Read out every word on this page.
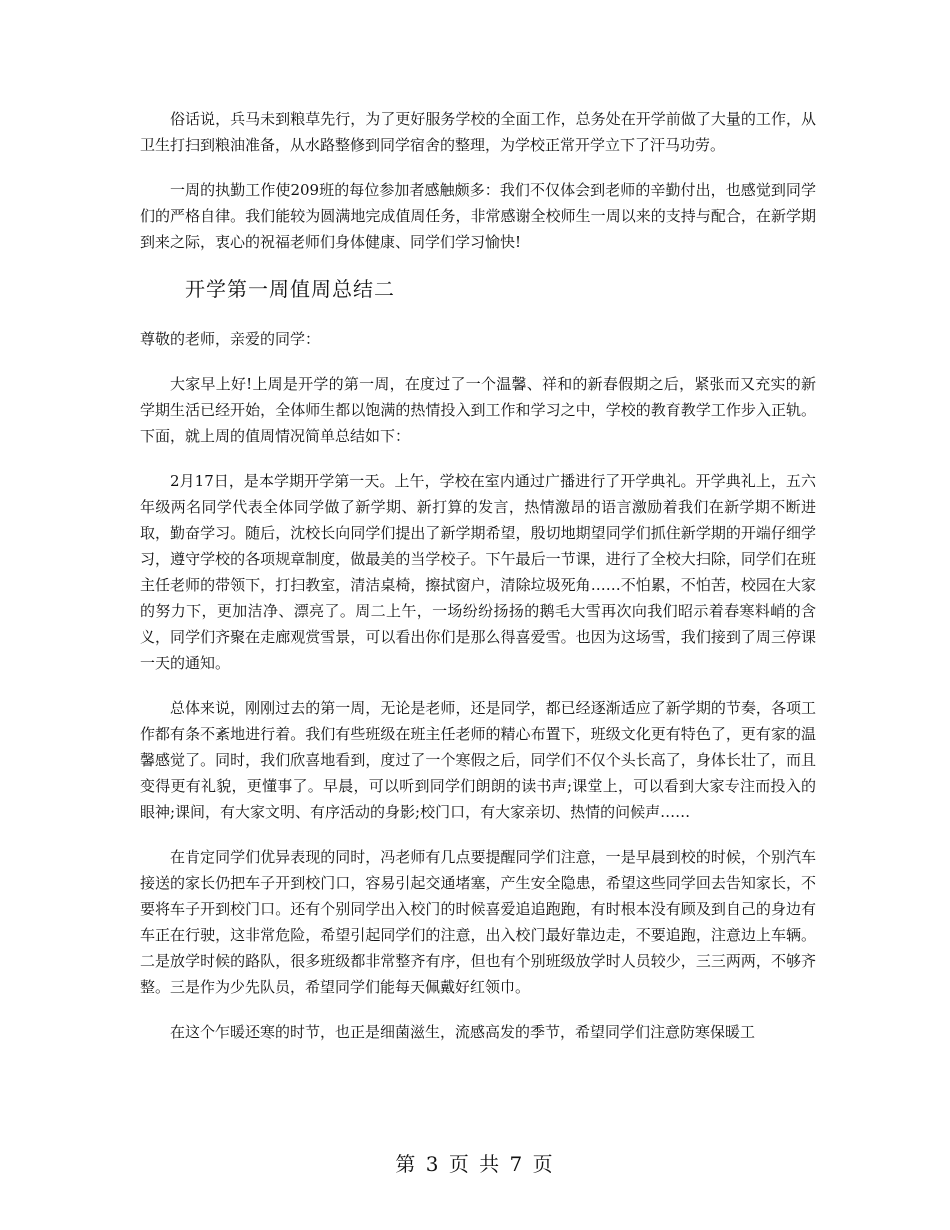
俗话说，兵马未到粮草先行，为了更好服务学校的全面工作，总务处在开学前做了大量的工作，从卫生打扫到粮油准备，从水路整修到同学宿舍的整理，为学校正常开学立下了汗马功劳。

一周的执勤工作使209班的每位参加者感触颇多：我们不仅体会到老师的辛勤付出，也感觉到同学们的严格自律。我们能较为圆满地完成值周任务，非常感谢全校师生一周以来的支持与配合，在新学期到来之际，衷心的祝福老师们身体健康、同学们学习愉快!

开学第一周值周总结二

尊敬的老师，亲爱的同学：

大家早上好!上周是开学的第一周，在度过了一个温馨、祥和的新春假期之后，紧张而又充实的新学期生活已经开始，全体师生都以饱满的热情投入到工作和学习之中，学校的教育教学工作步入正轨。下面，就上周的值周情况简单总结如下：

2月17日，是本学期开学第一天。上午，学校在室内通过广播进行了开学典礼。开学典礼上，五六年级两名同学代表全体同学做了新学期、新打算的发言，热情激昂的语言激励着我们在新学期不断进取，勤奋学习。随后，沈校长向同学们提出了新学期希望，殷切地期望同学们抓住新学期的开端仔细学习，遵守学校的各项规章制度，做最美的当学校子。下午最后一节课，进行了全校大扫除，同学们在班主任老师的带领下，打扫教室，清洁桌椅，擦拭窗户，清除垃圾死角……不怕累，不怕苦，校园在大家的努力下，更加洁净、漂亮了。周二上午，一场纷纷扬扬的鹅毛大雪再次向我们昭示着春寒料峭的含义，同学们齐聚在走廊观赏雪景，可以看出你们是那么得喜爱雪。也因为这场雪，我们接到了周三停课一天的通知。

总体来说，刚刚过去的第一周，无论是老师，还是同学，都已经逐渐适应了新学期的节奏，各项工作都有条不紊地进行着。我们有些班级在班主任老师的精心布置下，班级文化更有特色了，更有家的温馨感觉了。同时，我们欣喜地看到，度过了一个寒假之后，同学们不仅个头长高了，身体长壮了，而且变得更有礼貌，更懂事了。早晨，可以听到同学们朗朗的读书声;课堂上，可以看到大家专注而投入的眼神;课间，有大家文明、有序活动的身影;校门口，有大家亲切、热情的问候声……

在肯定同学们优异表现的同时，冯老师有几点要提醒同学们注意，一是早晨到校的时候，个别汽车接送的家长仍把车子开到校门口，容易引起交通堵塞，产生安全隐患，希望这些同学回去告知家长，不要将车子开到校门口。还有个别同学出入校门的时候喜爱追追跑跑，有时根本没有顾及到自己的身边有车正在行驶，这非常危险，希望引起同学们的注意，出入校门最好靠边走，不要追跑，注意边上车辆。二是放学时候的路队，很多班级都非常整齐有序，但也有个别班级放学时人员较少，三三两两，不够齐整。三是作为少先队员，希望同学们能每天佩戴好红领巾。

在这个乍暖还寒的时节，也正是细菌滋生，流感高发的季节，希望同学们注意防寒保暖工

第 3 页 共 7 页
